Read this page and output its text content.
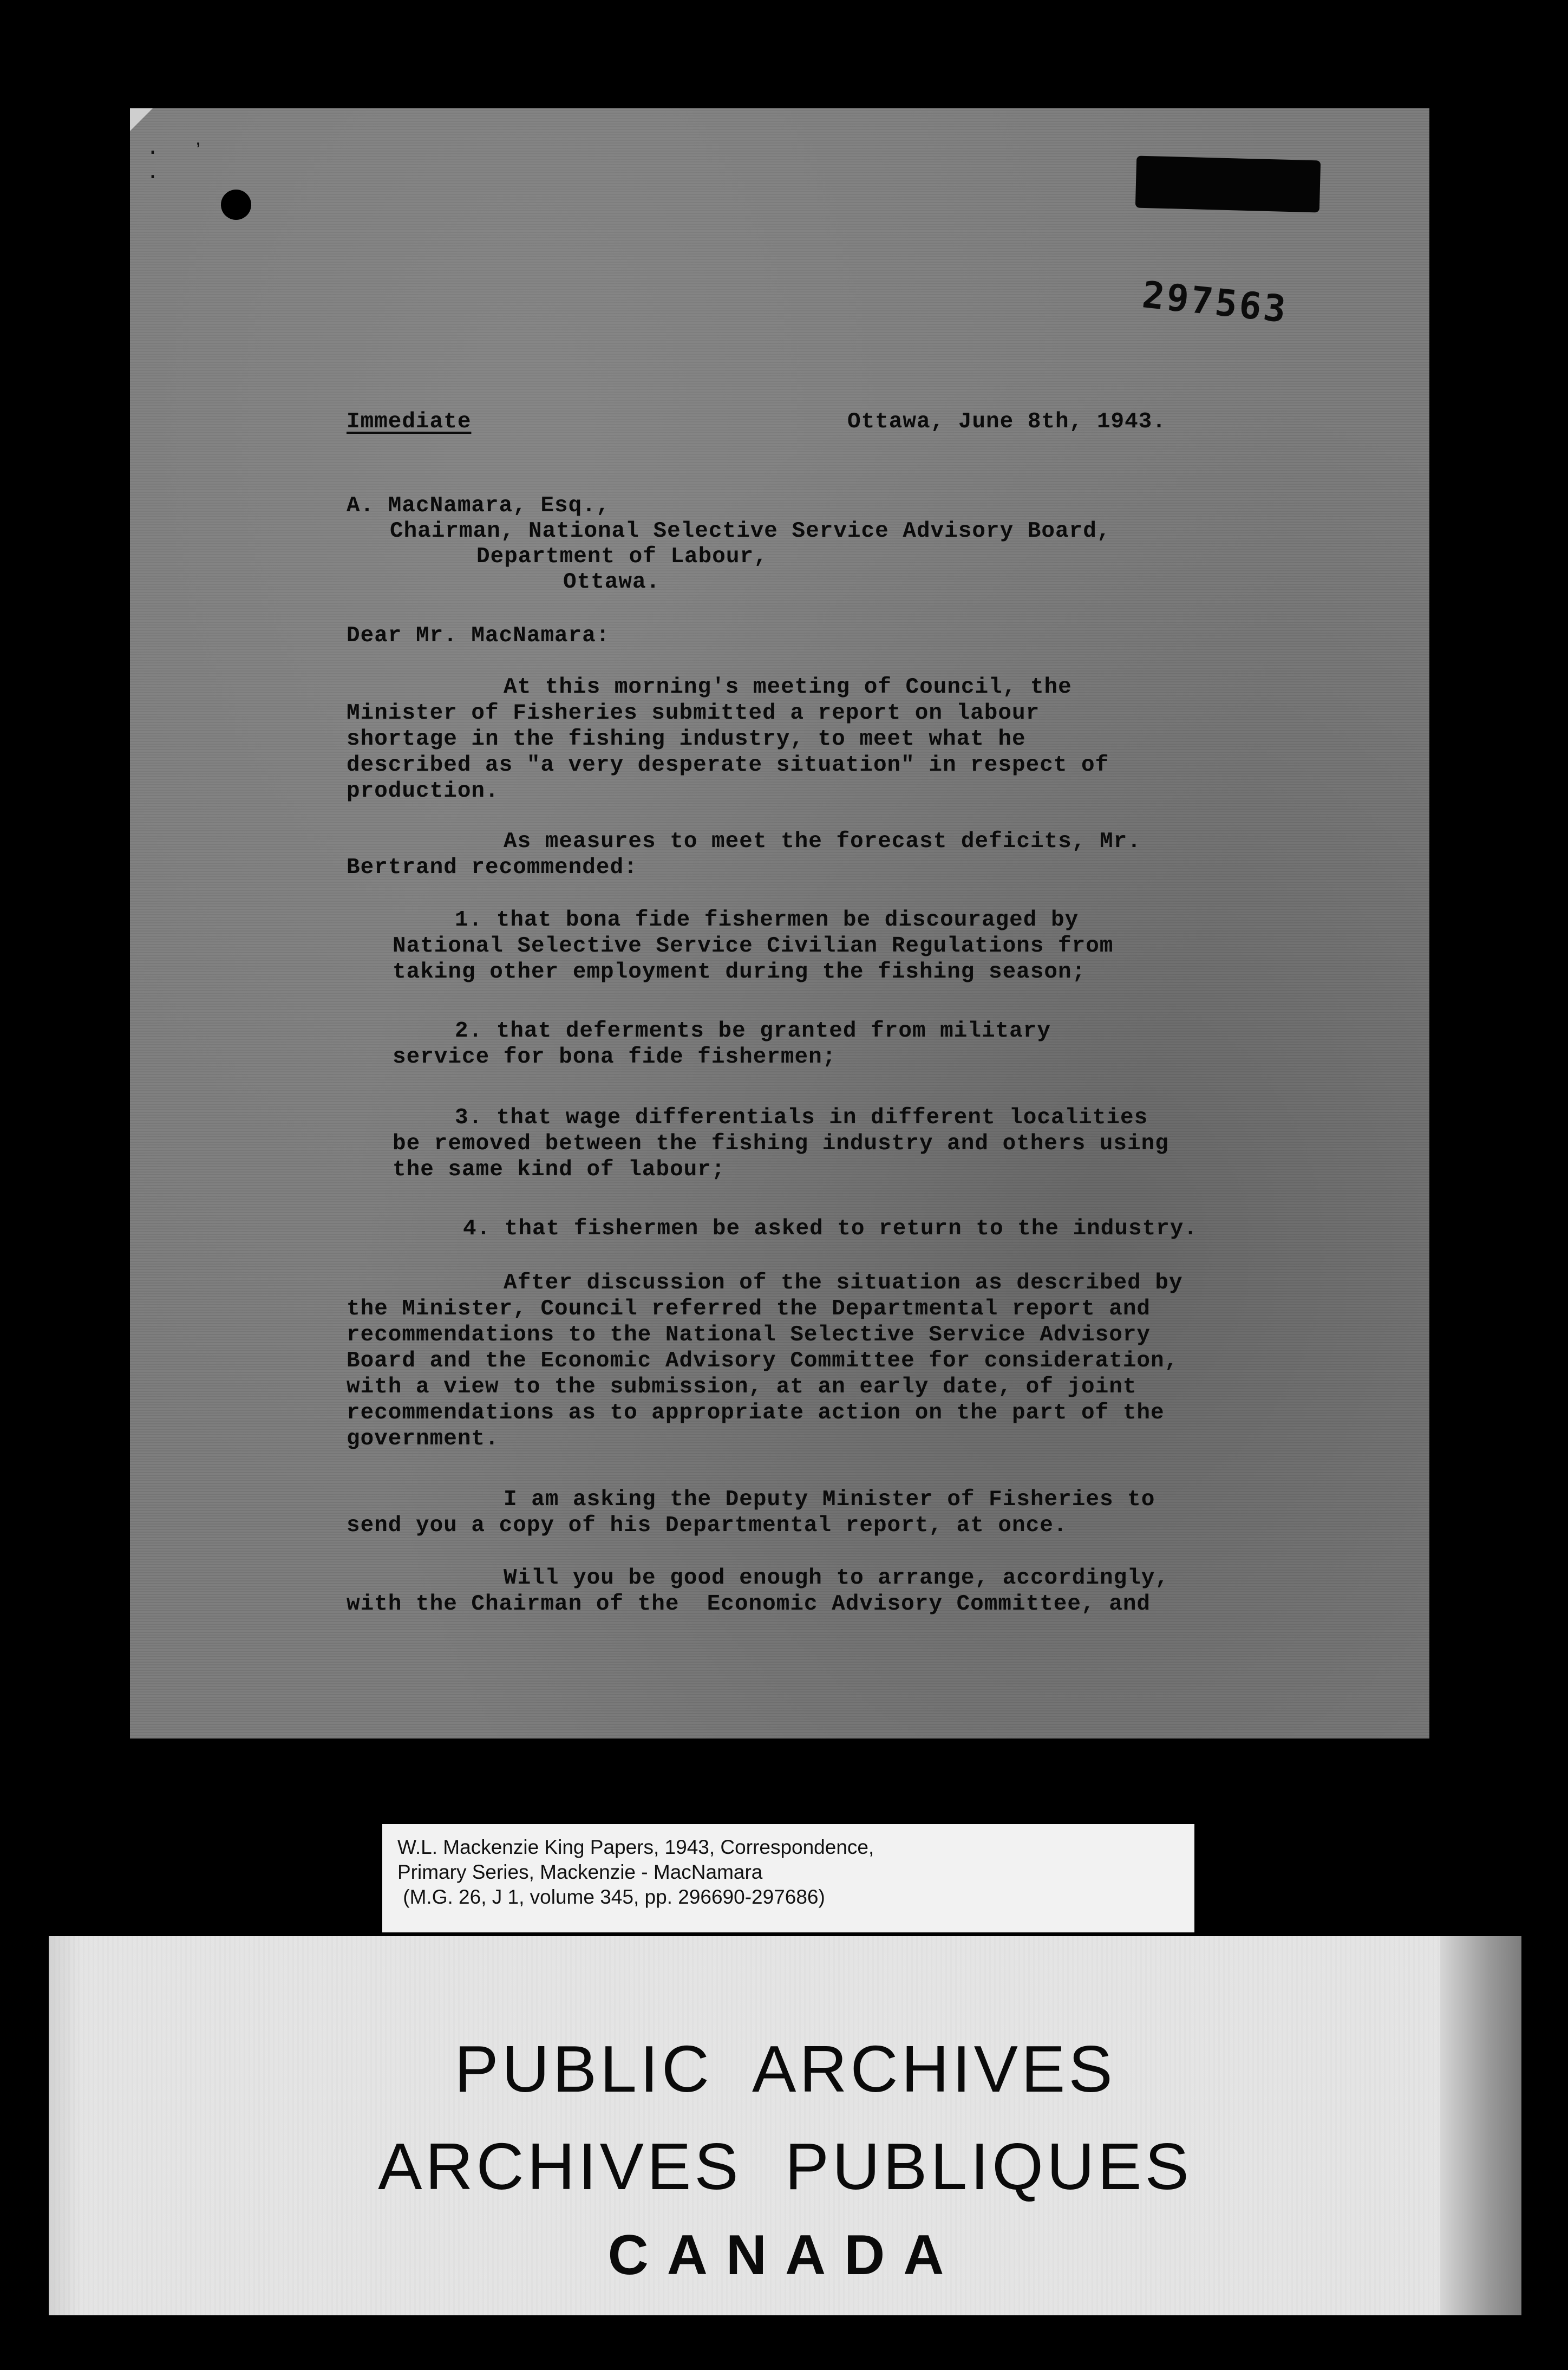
· ʼ ·
297563
Immediate	Ottawa, June 8th, 1943.
A. MacNamara, Esq.,
Chairman, National Selective Service Advisory Board,
Department of Labour,
Ottawa.
Dear Mr. MacNamara:
At this morning's meeting of Council, the
Minister of Fisheries submitted a report on labour
shortage in the fishing industry, to meet what he
described as "a very desperate situation" in respect of
production.
As measures to meet the forecast deficits, Mr.
Bertrand recommended:
1. that bona fide fishermen be discouraged by
National Selective Service Civilian Regulations from
taking other employment during the fishing season;
2. that deferments be granted from military
service for bona fide fishermen;
3. that wage differentials in different localities
be removed between the fishing industry and others using
the same kind of labour;
4. that fishermen be asked to return to the industry.
After discussion of the situation as described by
the Minister, Council referred the Departmental report and
recommendations to the National Selective Service Advisory
Board and the Economic Advisory Committee for consideration,
with a view to the submission, at an early date, of joint
recommendations as to appropriate action on the part of the
government.
I am asking the Deputy Minister of Fisheries to
send you a copy of his Departmental report, at once.
Will you be good enough to arrange, accordingly,
with the Chairman of the  Economic Advisory Committee, and
W.L. Mackenzie King Papers, 1943, Correspondence,
Primary Series, Mackenzie - MacNamara
(M.G. 26, J 1, volume 345, pp. 296690-297686)
PUBLIC  ARCHIVES
ARCHIVES  PUBLIQUES
CANADA
